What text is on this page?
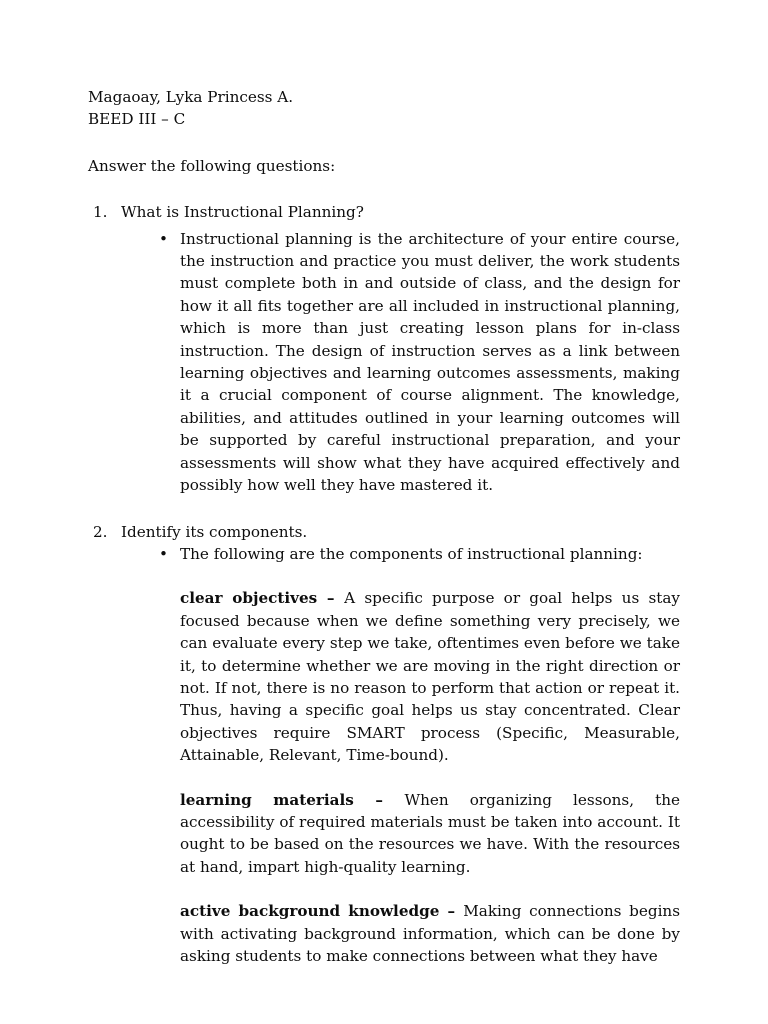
Magaoay, Lyka Princess A.

BEED III – C

Answer the following questions:

1. What is Instructional Planning?

• Instructional planning is the architecture of your entire course, the instruction and practice you must deliver, the work students must complete both in and outside of class, and the design for how it all fits together are all included in instructional planning, which is more than just creating lesson plans for in-class instruction. The design of instruction serves as a link between learning objectives and learning outcomes assessments, making it a crucial component of course alignment. The knowledge, abilities, and attitudes outlined in your learning outcomes will be supported by careful instructional preparation, and your assessments will show what they have acquired effectively and possibly how well they have mastered it.

2. Identify its components.

• The following are the components of instructional planning:

clear objectives – A specific purpose or goal helps us stay focused because when we define something very precisely, we can evaluate every step we take, oftentimes even before we take it, to determine whether we are moving in the right direction or not. If not, there is no reason to perform that action or repeat it. Thus, having a specific goal helps us stay concentrated. Clear objectives require SMART process (Specific, Measurable, Attainable, Relevant, Time-bound).

learning materials – When organizing lessons, the accessibility of required materials must be taken into account. It ought to be based on the resources we have. With the resources at hand, impart high-quality learning.

active background knowledge – Making connections begins with activating background information, which can be done by asking students to make connections between what they have
